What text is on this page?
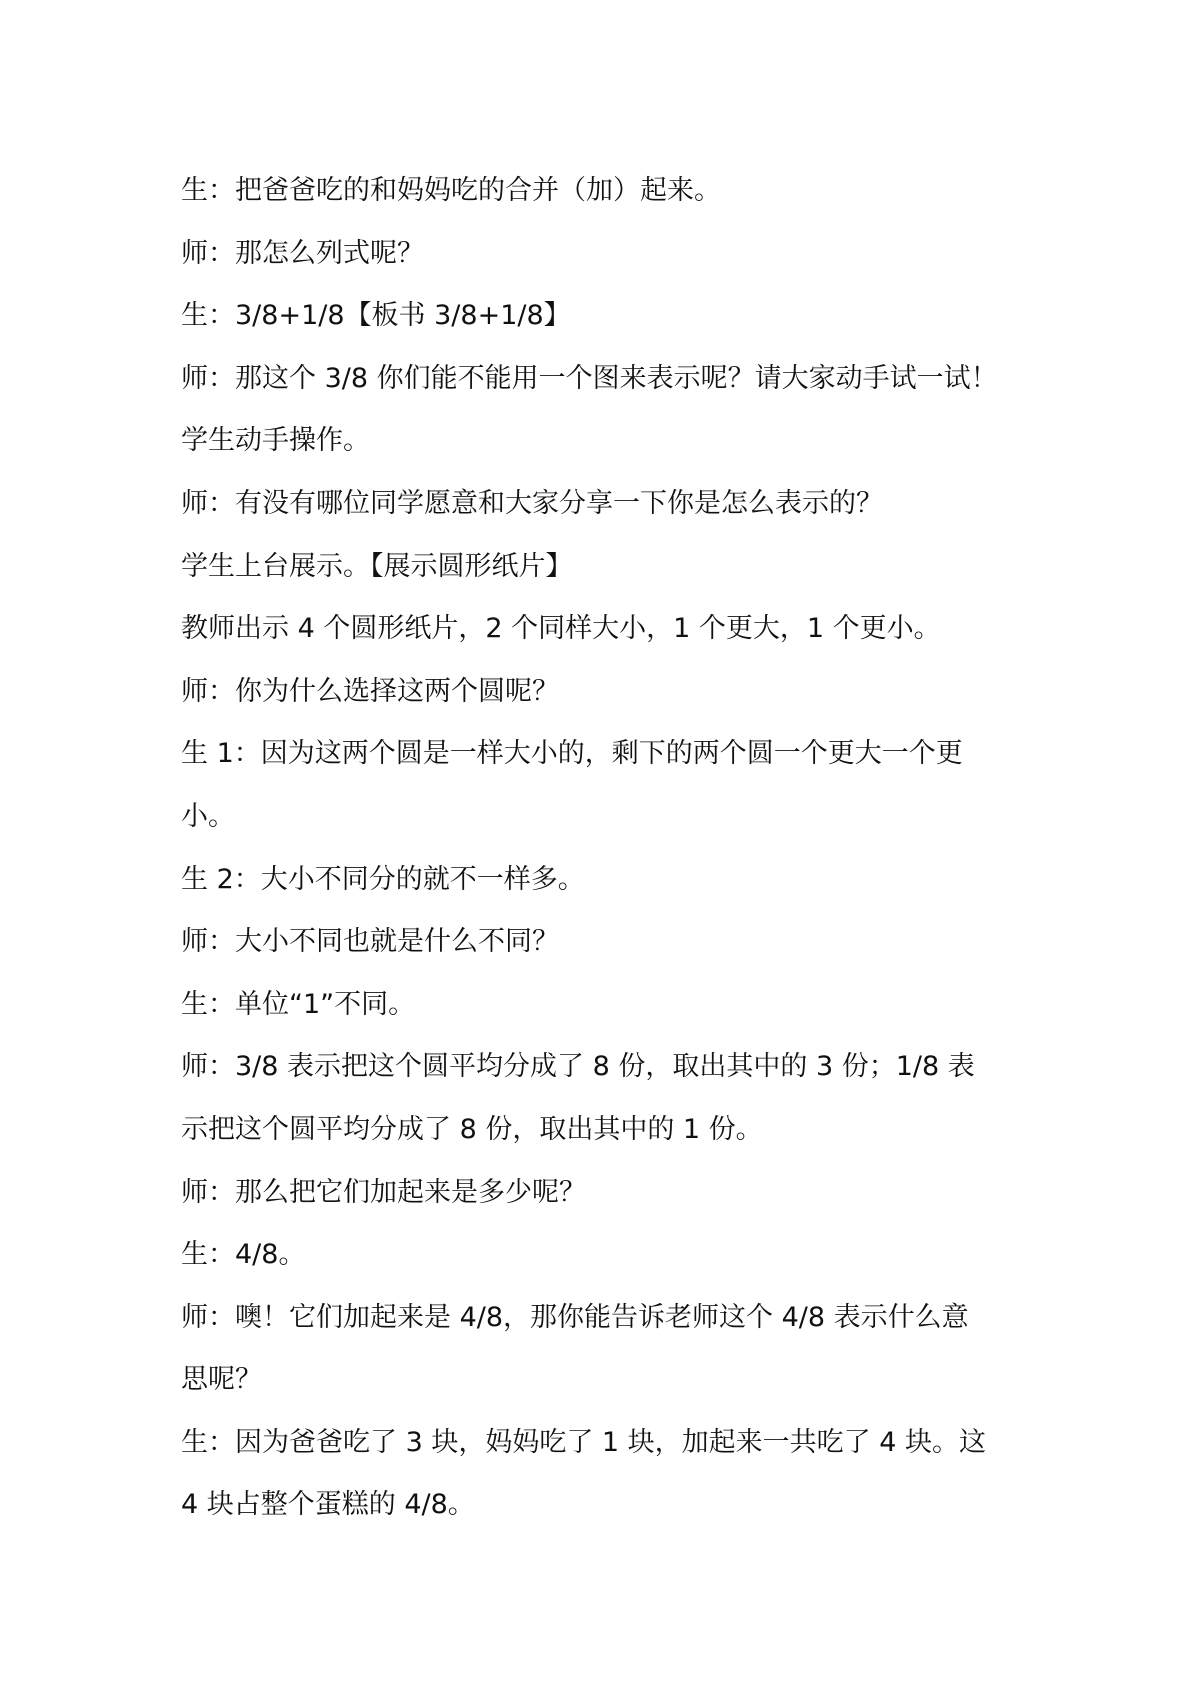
生：把爸爸吃的和妈妈吃的合并（加）起来。

师：那怎么列式呢？

生：3/8+1/8【板书 3/8+1/8】

师：那这个 3/8 你们能不能用一个图来表示呢？请大家动手试一试！

学生动手操作。

师：有没有哪位同学愿意和大家分享一下你是怎么表示的？

学生上台展示。【展示圆形纸片】

教师出示 4 个圆形纸片，2 个同样大小，1 个更大，1 个更小。

师：你为什么选择这两个圆呢？

生 1：因为这两个圆是一样大小的，剩下的两个圆一个更大一个更

小。

生 2：大小不同分的就不一样多。

师：大小不同也就是什么不同？

生：单位“1”不同。

师：3/8 表示把这个圆平均分成了 8 份，取出其中的 3 份；1/8 表

示把这个圆平均分成了 8 份，取出其中的 1 份。

师：那么把它们加起来是多少呢？

生：4/8。

师：噢！它们加起来是 4/8，那你能告诉老师这个 4/8 表示什么意

思呢？

生：因为爸爸吃了 3 块，妈妈吃了 1 块，加起来一共吃了 4 块。这

4 块占整个蛋糕的 4/8。
